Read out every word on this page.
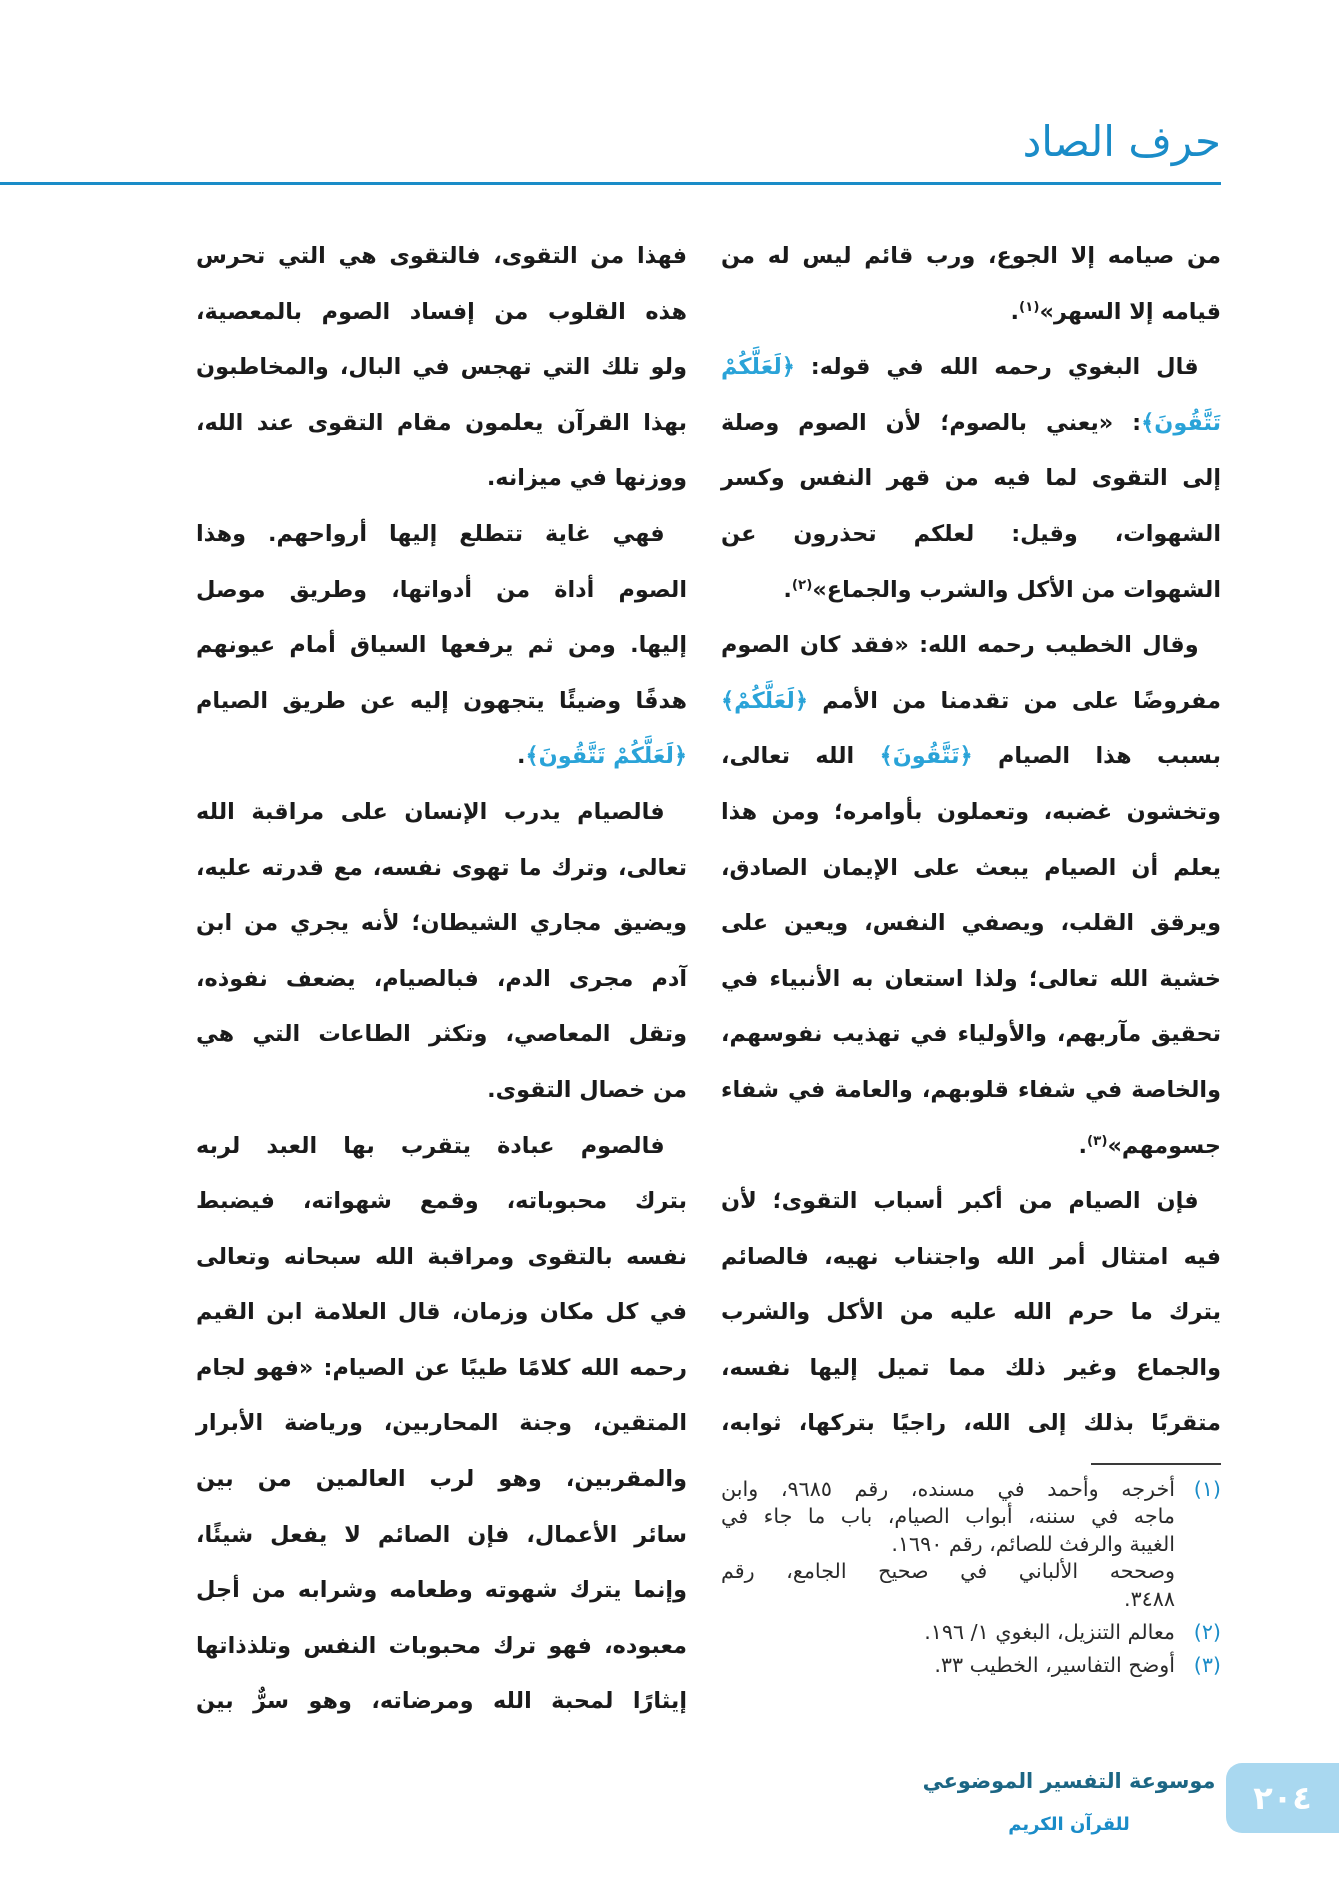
حرف الصاد
من صيامه إلا الجوع، ورب قائم ليس له من
قيامه إلا السهر»$^{(١)}$.
قال البغوي رحمه الله في قوله: ﴿لَعَلَّكُمْ
تَتَّقُونَ﴾: «يعني بالصوم؛ لأن الصوم وصلة
إلى التقوى لما فيه من قهر النفس وكسر
الشهوات، وقيل: لعلكم تحذرون عن
الشهوات من الأكل والشرب والجماع»$^{(٢)}$.
وقال الخطيب رحمه الله: «فقد كان الصوم
مفروضًا على من تقدمنا من الأمم ﴿لَعَلَّكُمْ﴾
بسبب هذا الصيام ﴿تَتَّقُونَ﴾ الله تعالى،
وتخشون غضبه، وتعملون بأوامره؛ ومن هذا
يعلم أن الصيام يبعث على الإيمان الصادق،
ويرقق القلب، ويصفي النفس، ويعين على
خشية الله تعالى؛ ولذا استعان به الأنبياء في
تحقيق مآربهم، والأولياء في تهذيب نفوسهم،
والخاصة في شفاء قلوبهم، والعامة في شفاء
جسومهم»$^{(٣)}$.
فإن الصيام من أكبر أسباب التقوى؛ لأن
فيه امتثال أمر الله واجتناب نهيه، فالصائم
يترك ما حرم الله عليه من الأكل والشرب
والجماع وغير ذلك مما تميل إليها نفسه،
متقربًا بذلك إلى الله، راجيًا بتركها، ثوابه،
فهذا من التقوى، فالتقوى هي التي تحرس
هذه القلوب من إفساد الصوم بالمعصية،
ولو تلك التي تهجس في البال، والمخاطبون
بهذا القرآن يعلمون مقام التقوى عند الله،
ووزنها في ميزانه.
فهي غاية تتطلع إليها أرواحهم. وهذا
الصوم أداة من أدواتها، وطريق موصل
إليها. ومن ثم يرفعها السياق أمام عيونهم
هدفًا وضيئًا يتجهون إليه عن طريق الصيام
﴿لَعَلَّكُمْ تَتَّقُونَ﴾.
فالصيام يدرب الإنسان على مراقبة الله
تعالى، وترك ما تهوى نفسه، مع قدرته عليه،
ويضيق مجاري الشيطان؛ لأنه يجري من ابن
آدم مجرى الدم، فبالصيام، يضعف نفوذه،
وتقل المعاصي، وتكثر الطاعات التي هي
من خصال التقوى.
فالصوم عبادة يتقرب بها العبد لربه
بترك محبوباته، وقمع شهواته، فيضبط
نفسه بالتقوى ومراقبة الله سبحانه وتعالى
في كل مكان وزمان، قال العلامة ابن القيم
رحمه الله كلامًا طيبًا عن الصيام: «فهو لجام
المتقين، وجنة المحاربين، ورياضة الأبرار
والمقربين، وهو لرب العالمين من بين
سائر الأعمال، فإن الصائم لا يفعل شيئًا،
وإنما يترك شهوته وطعامه وشرابه من أجل
معبوده، فهو ترك محبوبات النفس وتلذذاتها
إيثارًا لمحبة الله ومرضاته، وهو سرٌّ بين
(١)
أخرجه وأحمد في مسنده، رقم ٩٦٨٥، وابن
ماجه في سننه، أبواب الصيام، باب ما جاء في
الغيبة والرفث للصائم، رقم ١٦٩٠.
وصححه الألباني في صحيح الجامع، رقم
٣٤٨٨.
(٢)
معالم التنزيل، البغوي ١/ ١٩٦.
(٣)
أوضح التفاسير، الخطيب ٣٣.
موسوعة التفسير الموضوعي
للقرآن الكريم
٢٠٤
